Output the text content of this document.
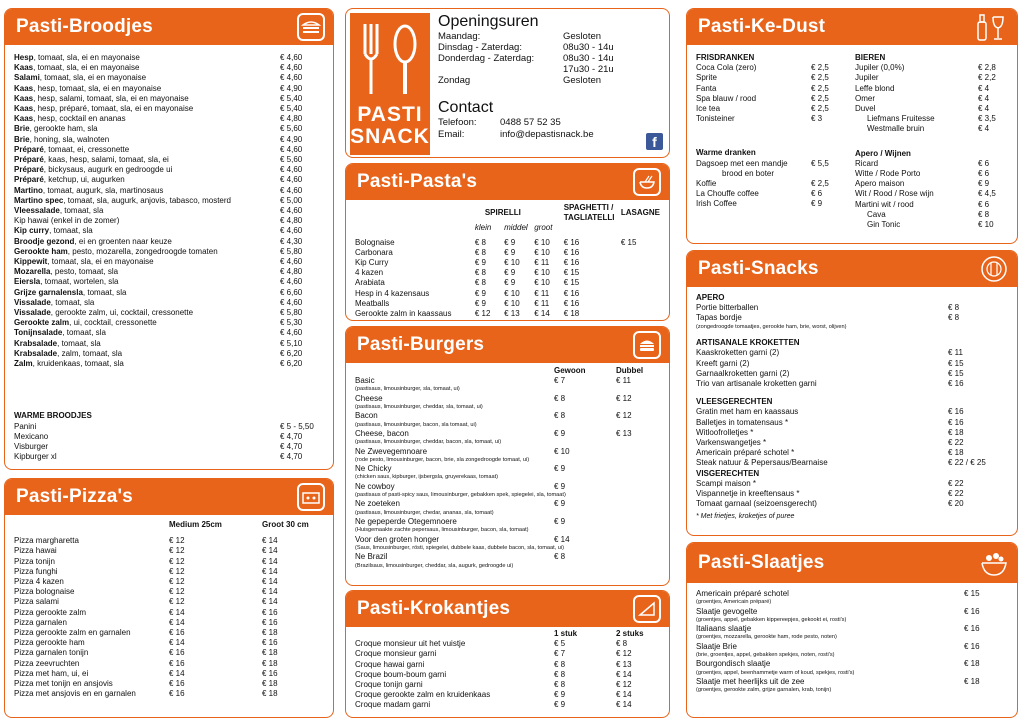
Pasti-Broodjes
Hesp, tomaat, sla, ei en mayonaise	€ 4,60
Kaas, tomaat, sla, ei en mayonaise	€ 4,60
Salami, tomaat, sla, ei en mayonaise	€ 4,60
Kaas, hesp, tomaat, sla, ei en mayonaise	€ 4,90
Kaas, hesp, salami, tomaat, sla, ei en mayonaise	€ 5,40
Kaas, hesp, préparé, tomaat, sla, ei en mayonaise	€ 5,40
Kaas, hesp, cocktail en ananas	€ 4,80
Brie, gerookte ham, sla	€ 5,60
Brie, honing, sla, walnoten	€ 4,90
Préparé, tomaat, ei, cressonette	€ 4,60
Préparé, kaas, hesp, salami, tomaat, sla, ei	€ 5,60
Préparé, bickysaus, augurk en gedroogde ui	€ 4,60
Préparé, ketchup, ui, augurken	€ 4,60
Martino, tomaat, augurk, sla, martinosaus	€ 4,60
Martino spec, tomaat, sla, augurk, anjovis, tabasco, mosterd	€ 5,00
Vleessalade, tomaat, sla	€ 4,60
Kip hawai (enkel in de zomer)	€ 4,80
Kip curry, tomaat, sla	€ 4,60
Broodje gezond, ei en groenten naar keuze	€ 4,30
Gerookte ham, pesto, mozarella, zongedroogde tomaten	€ 5,80
Kippewit, tomaat, sla, ei en mayonaise	€ 4,60
Mozarella, pesto, tomaat, sla	€ 4,80
Eiersla, tomaat, wortelen, sla	€ 4,60
Grijze garnalensla, tomaat, sla	€ 6,60
Vissalade, tomaat, sla	€ 4,60
Vissalade, gerookte zalm, ui, cocktail, cressonette	€ 5,80
Gerookte zalm, ui, cocktail, cressonette	€ 5,30
Tonijnsalade, tomaat, sla	€ 4,60
Krabsalade, tomaat, sla	€ 5,10
Krabsalade, zalm, tomaat, sla	€ 6,20
Zalm, kruidenkaas, tomaat, sla	€ 6,20
WARME BROODJES
Panini	€ 5 - 5,50
Mexicano	€ 4,70
Visburger	€ 4,70
Kipburger xl	€ 4,70
Pasti-Pizza's
	Medium 25cm	Groot 30 cm

Pizza margharetta	€ 12	€ 14
Pizza hawai	€ 12	€ 14
Pizza tonijn	€ 12	€ 14
Pizza funghi	€ 12	€ 14
Pizza 4 kazen	€ 12	€ 14
Pizza bolognaise	€ 12	€ 14
Pizza salami	€ 12	€ 14
Pizza gerookte zalm	€ 14	€ 16
Pizza garnalen	€ 14	€ 16
Pizza gerookte zalm en garnalen	€ 16	€ 18
Pizza gerookte ham	€ 14	€ 16
Pizza garnalen tonijn	€ 16	€ 18
Pizza zeevruchten	€ 16	€ 18
Pizza met ham, ui, ei	€ 14	€ 16
Pizza met tonijn en ansjovis	€ 16	€ 18
Pizza met ansjovis en en garnalen	€ 16	€ 18
PASTI
SNACK
Openingsuren
Maandag:	Gesloten
Dinsdag - Zaterdag:	08u30 - 14u
Donderdag - Zaterdag:	08u30 - 14u
17u30 - 21u
Zondag	Gesloten
Contact
Telefoon:	0488 57 52 35
Email:	info@depastisnack.be	f
Pasti-Pasta's
	SPIRELLI			SPAGHETTI / TAGLIATELLI	LASAGNE
	klein	middel	groot		

Bolognaise	€ 8	€ 9	€ 10	€ 16	€ 15
Carbonara	€ 8	€ 9	€ 10	€ 16	
Kip Curry	€ 9	€ 10	€ 11	€ 16	
4 kazen	€ 8	€ 9	€ 10	€ 15	
Arabiata	€ 8	€ 9	€ 10	€ 15	
Hesp in 4 kazensaus	€ 9	€ 10	€ 11	€ 16	
Meatballs	€ 9	€ 10	€ 11	€ 16	
Gerookte zalm in kaassaus	€ 12	€ 13	€ 14	€ 18	
Pasti-Burgers
Gewoon	Dubbel
Basic	€ 7	€ 11
(pastisaus, limousinburger, sla, tomaat, ui)
Cheese	€ 8	€ 12
(pastisaus, limousinburger, cheddar, sla, tomaat, ui)
Bacon	€ 8	€ 12
(pastisaus, limousinburger, bacon, sla tomaat, ui)
Cheese, bacon	€ 9	€ 13
(pastisaus, limousinburger, cheddar, bacon, sla, tomaat, ui)
Ne Zwevegemnoare	€ 10
(rode pesto, limousinburger, bacon, brie, sla zongedroogde tomaat, ui)
Ne Chicky	€ 9
(chicken saus, kipburger, ijsbergsla, gruyerekaas, tomaat)
Ne cowboy	€ 9
(pastisaus of pasti-spicy saus, limousinburger, gebakken spek, spiegelei, sla, tomaat)
Ne zoeteken	€ 9
(pastisaus, limousinburger, chedar, ananas, sla, tomaat)
Ne gepeperde Otegemnoere	€ 9
(Huisgemaakte zachte pepersaus, limousinburger, bacon, sla, tomaat)
Voor den groten honger	€ 14
(Saus, limousinburger, rösti, spiegelei, dubbele kaas, dubbele bacon, sla, tomaat, ui)
Ne Brazil	€ 8
(Brazilsaus, limousinburger, cheddar, sla, augurk, gedroogde ui)
Pasti-Krokantjes
1 stuk	2 stuks
Croque monsieur uit het vuistje	€ 5	€ 8
Croque monsieur garni	€ 7	€ 12
Croque hawai garni	€ 8	€ 13
Croque boum-boum garni	€ 8	€ 14
Croque tonijn garni	€ 8	€ 12
Croque gerookte zalm en kruidenkaas	€ 9	€ 14
Croque madam garni	€ 9	€ 14
Pasti-Ke-Dust
FRISDRANKEN
Coca Cola (zero)	€ 2,5
Sprite	€ 2,5
Fanta	€ 2,5
Spa blauw / rood	€ 2,5
Ice tea	€ 2,5
Tonisteiner	€ 3
Warme dranken
Dagsoep met een mandje	€ 5,5
brood en boter
Koffie	€ 2,5
La Chouffe coffee	€ 6
Irish Coffee	€ 9
BIEREN
Jupiler (0,0%)	€ 2,8
Jupiler	€ 2,2
Leffe blond	€ 4
Omer	€ 4
Duvel	€ 4
Liefmans Fruitesse	€ 3,5
Westmalle bruin	€ 4
Apero / Wijnen
Ricard	€ 6
Witte / Rode Porto	€ 6
Apero maison	€ 9
Wit / Rood / Rose wijn	€ 4,5
Martini wit / rood	€ 6
Cava	€ 8
Gin Tonic	€ 10
Pasti-Snacks
APERO
Portie bitterballen	€ 8
Tapas bordje	€ 8
(zongedroogde tomaatjes, gerookte ham, brie, worst, olijven)
ARTISANALE KROKETTEN
Kaaskroketten garni (2)	€ 11
Kreeft garni (2)	€ 15
Garnaalkroketten garni (2)	€ 15
Trio van artisanale kroketten garni	€ 16
VLEESGERECHTEN
Gratin met ham en kaassaus	€ 16
Balletjes in tomatensaus *	€ 16
Witloofrolletjes *	€ 18
Varkenswangetjes *	€ 22
Americain préparé schotel *	€ 18
Steak natuur & Pepersaus/Bearnaise	€ 22 / € 25
VISGERECHTEN
Scampi maison *	€ 22
Vispannetje in kreeftensaus *	€ 22
Tomaat garnaal (seizoensgerecht)	€ 20
* Met frietjes, kroketjes of puree
Pasti-Slaatjes
Americain préparé schotel	€ 15
(groentjes, Americain préparé)
Slaatje gevogelte	€ 16
(groentjes, appel, gebakken kippereepjes, gekookt ei, rosti's)
Italiaans slaatje	€ 16
(groentjes, mozzarella, gerookte ham, rode pesto, noten)
Slaatje Brie	€ 16
(brie, groentjes, appel, gebakken spekjes, noten, rosti's)
Bourgondisch slaatje	€ 18
(groentjes, appel, beenhammetje warm of koud, spekjes, rosti's)
Slaatje met heerlijks uit de zee	€ 18
(groentjes, gerookte zalm, grijze garnalen, krab, tonijn)
